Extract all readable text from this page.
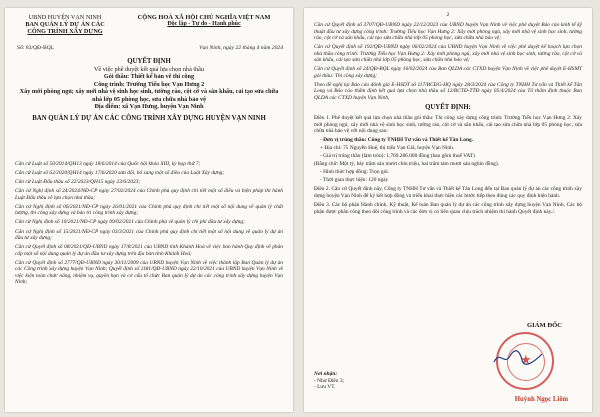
UBND HUYỆN VẠN NINH
BAN QUẢN LÝ DỰ ÁN CÁC
CÔNG TRÌNH XÂY DỰNG
CỘNG HOÀ XÃ HỘI CHỦ NGHĨA VIỆT NAM
Độc lập - Tự do - Hạnh phúc
Số: 83/QĐ-BQL	Vạn Ninh, ngày 22 tháng 4 năm 2024
QUYẾT ĐỊNH
Về việc phê duyệt kết quả lựa chọn nhà thầu
Gói thầu: Thiết kế bản vẽ thi công
Công trình: Trường Tiểu học Vạn Hưng 2
Xây mới phòng ngủ; xây mới nhà vệ sinh học sinh, tường rào, cột cờ và sân khấu, cải tạo sửa chữa nhà lớp 05 phòng học, sửa chữa nhà bảo vệ
Địa điểm: xã Vạn Hưng, huyện Vạn Ninh
BAN QUẢN LÝ DỰ ÁN CÁC CÔNG TRÌNH XÂY DỰNG HUYỆN VẠN NINH

Căn cứ Luật số 50/2014/QH13 ngày 18/6/2014 của Quốc hội khóa XIII, kỳ họp thứ 7;

Căn cứ Luật số 62/2020/QH14 ngày 17/6/2020 sửa đổi, bổ sung một số điều của Luật Xây dựng;

Căn cứ Luật Đấu thầu số 22/2023/QH15 ngày 23/6/2023;

Căn cứ Nghị định số 24/2024/NĐ-CP ngày 27/02/2024 của Chính phủ quy định chi tiết một số điều và biện pháp thi hành Luật Đấu thầu về lựa chọn nhà thầu;

Căn cứ Nghị định số 06/2021/NĐ-CP ngày 26/01/2021 của Chính phủ quy định chi tiết một số nội dung về quản lý chất lượng, thi công xây dựng và bảo trì công trình xây dựng;

Căn cứ Nghị định số 10/2021/NĐ-CP ngày 09/02/2021 của Chính phủ về quản lý chi phí đầu tư xây dựng;

Căn cứ Nghị định số 15/2021/NĐ-CP ngày 03/3/2021 của Chính phủ quy định chi tiết một số nội dung về quản lý dự án đầu tư xây dựng;

Căn cứ Quyết định số 08/2021/QĐ-UBND ngày 17/8/2021 của UBND tỉnh Khánh Hoà về việc ban hành Quy định về phân cấp một số nội dung quản lý dự án đầu tư xây dựng trên địa bàn tỉnh Khánh Hoà;

Căn cứ Quyết định số 2777/QĐ-UBND ngày 30/11/2009 của UBND huyện Vạn Ninh về việc thành lập Ban Quản lý dự án các Công trình xây dựng huyện Vạn Ninh; Quyết định số 1181/QĐ-UBND ngày 22/10/2021 của UBND huyện Vạn Ninh về việc kiện toàn chức năng, nhiệm vụ, quyền hạn và cơ cấu tổ chức Ban quản lý dự án các công trình xây dựng huyện Vạn Ninh;

2

Căn cứ Quyết định số 3707/QĐ-UBND ngày 22/12/2023 của UBND huyện Vạn Ninh về việc phê duyệt Báo cáo kinh tế kỹ thuật đầu tư xây dựng công trình: Trường Tiểu học Vạn Hưng 2: Xây mới phòng ngủ, xây mới nhà vệ sinh học sinh, tường rào, cột cờ và sân khấu, cải tạo sửa chữa nhà lớp 05 phòng học, sửa chữa nhà bảo vệ;

Căn cứ Quyết định số 192/QĐ-UBND ngày 06/02/2024 của UBND huyện Vạn Ninh về việc phê duyệt kế hoạch lựa chọn nhà thầu công trình: Trường Tiểu học Vạn Hưng 2: Xây mới phòng ngủ, xây mới nhà vệ sinh học sinh, tường rào, cột cờ và sân khấu, cải tạo sửa chữa nhà lớp 05 phòng học, sửa chữa nhà bảo vệ;

Căn cứ Quyết định số 24/QĐ-BQL ngày 16/02/2024 của Ban QLDA các CTXD huyện Vạn Ninh về việc phê duyệt E-HSMT gói thầu: Thi công xây dựng;

Theo đề nghị tại Báo cáo đánh giá E-HSDT số 117/BCĐG-HQ ngày 28/3/2024 của Công ty TNHH Tư vấn và Thiết kế Tân Long và Báo cáo thẩm định kết quả lựa chọn nhà thầu số 12/BCTĐ-TTĐ ngày 05/4/2024 của Tổ thẩm định thuộc Ban QLDA các CTXD huyện Vạn Ninh,

QUYẾT ĐỊNH:

Điều 1. Phê duyệt kết quả lựa chọn nhà thầu gói thầu: Thi công xây dựng công trình: Trường Tiểu học Vạn Hưng 2: Xây mới phòng ngủ, xây mới nhà vệ sinh học sinh, tường rào, cột cờ và sân khấu, cải tạo sửa chữa nhà lớp 05 phòng học, sửa chữa nhà bảo vệ với nội dung sau:

- Đơn vị trúng thầu: Công ty TNHH Tư vấn và Thiết kế Tân Long.

+ Địa chỉ: 75 Nguyễn Huệ, thị trấn Vạn Giã, huyện Vạn Ninh.

- Giá trị trúng thầu (làm tròn): 1.769.286.000 đồng (bao gồm thuế VAT)

(Bằng chữ: Một tỷ, bảy trăm sáu mươi chín triệu, hai trăm tám mươi sáu nghìn đồng).

- Hình thức hợp đồng: Trọn gói.

- Thời gian thực hiện: 120 ngày

Điều 2. Căn cứ Quyết định này, Công ty TNHH Tư vấn và Thiết kế Tân Long đến tại Ban quản lý dự án các công trình xây dựng huyện Vạn Ninh để ký kết hợp đồng và triển khai thực hiện các bước tiếp theo đúng các quy định hiện hành.

Điều 3. Các bộ phận Hành chính, Kỹ thuật, Kế toán Ban quản lý dự án các công trình xây dựng huyện Vạn Ninh, Các bộ phận được phân công theo dõi công trình và các đơn vị có liên quan chịu trách nhiệm thi hành Quyết định này./.

Nơi nhận:
- Như Điều 3;
- Lưu VT.
GIÁM ĐỐC
★
Huỳnh Ngọc Liêm
